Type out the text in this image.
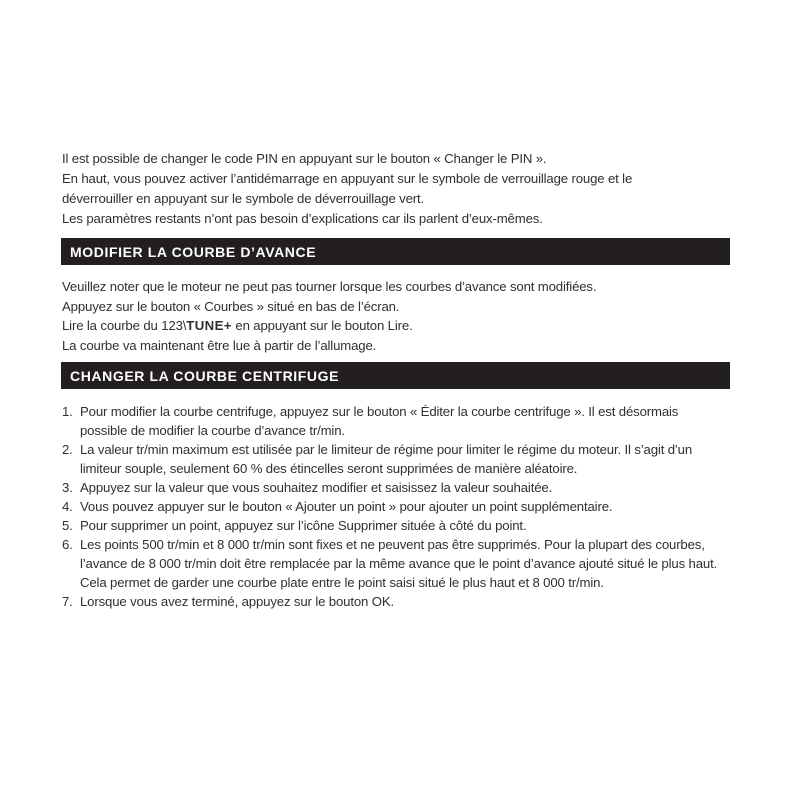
Il est possible de changer le code PIN en appuyant sur le bouton « Changer le PIN ».
En haut, vous pouvez activer l’antidémarrage en appuyant sur le symbole de verrouillage rouge et le
déverrouiller en appuyant sur le symbole de déverrouillage vert.
Les paramètres restants n’ont pas besoin d’explications car ils parlent d’eux-mêmes.
MODIFIER LA COURBE D’AVANCE
Veuillez noter que le moteur ne peut pas tourner lorsque les courbes d’avance sont modifiées.
Appuyez sur le bouton « Courbes » situé en bas de l’écran.
Lire la courbe du 123\TUNE+ en appuyant sur le bouton Lire.
La courbe va maintenant être lue à partir de l’allumage.
CHANGER LA COURBE CENTRIFUGE
1. Pour modifier la courbe centrifuge, appuyez sur le bouton « Éditer la courbe centrifuge ». Il est désormais
possible de modifier la courbe d’avance tr/min.
2. La valeur tr/min maximum est utilisée par le limiteur de régime pour limiter le régime du moteur. Il s’agit d’un
limiteur souple, seulement 60 % des étincelles seront supprimées de manière aléatoire.
3. Appuyez sur la valeur que vous souhaitez modifier et saisissez la valeur souhaitée.
4. Vous pouvez appuyer sur le bouton « Ajouter un point » pour ajouter un point supplémentaire.
5. Pour supprimer un point, appuyez sur l’icône Supprimer située à côté du point.
6. Les points 500 tr/min et 8 000 tr/min sont fixes et ne peuvent pas être supprimés. Pour la plupart des courbes,
l’avance de 8 000 tr/min doit être remplacée par la même avance que le point d’avance ajouté situé le plus haut.
Cela permet de garder une courbe plate entre le point saisi situé le plus haut et 8 000 tr/min.
7. Lorsque vous avez terminé, appuyez sur le bouton OK.
